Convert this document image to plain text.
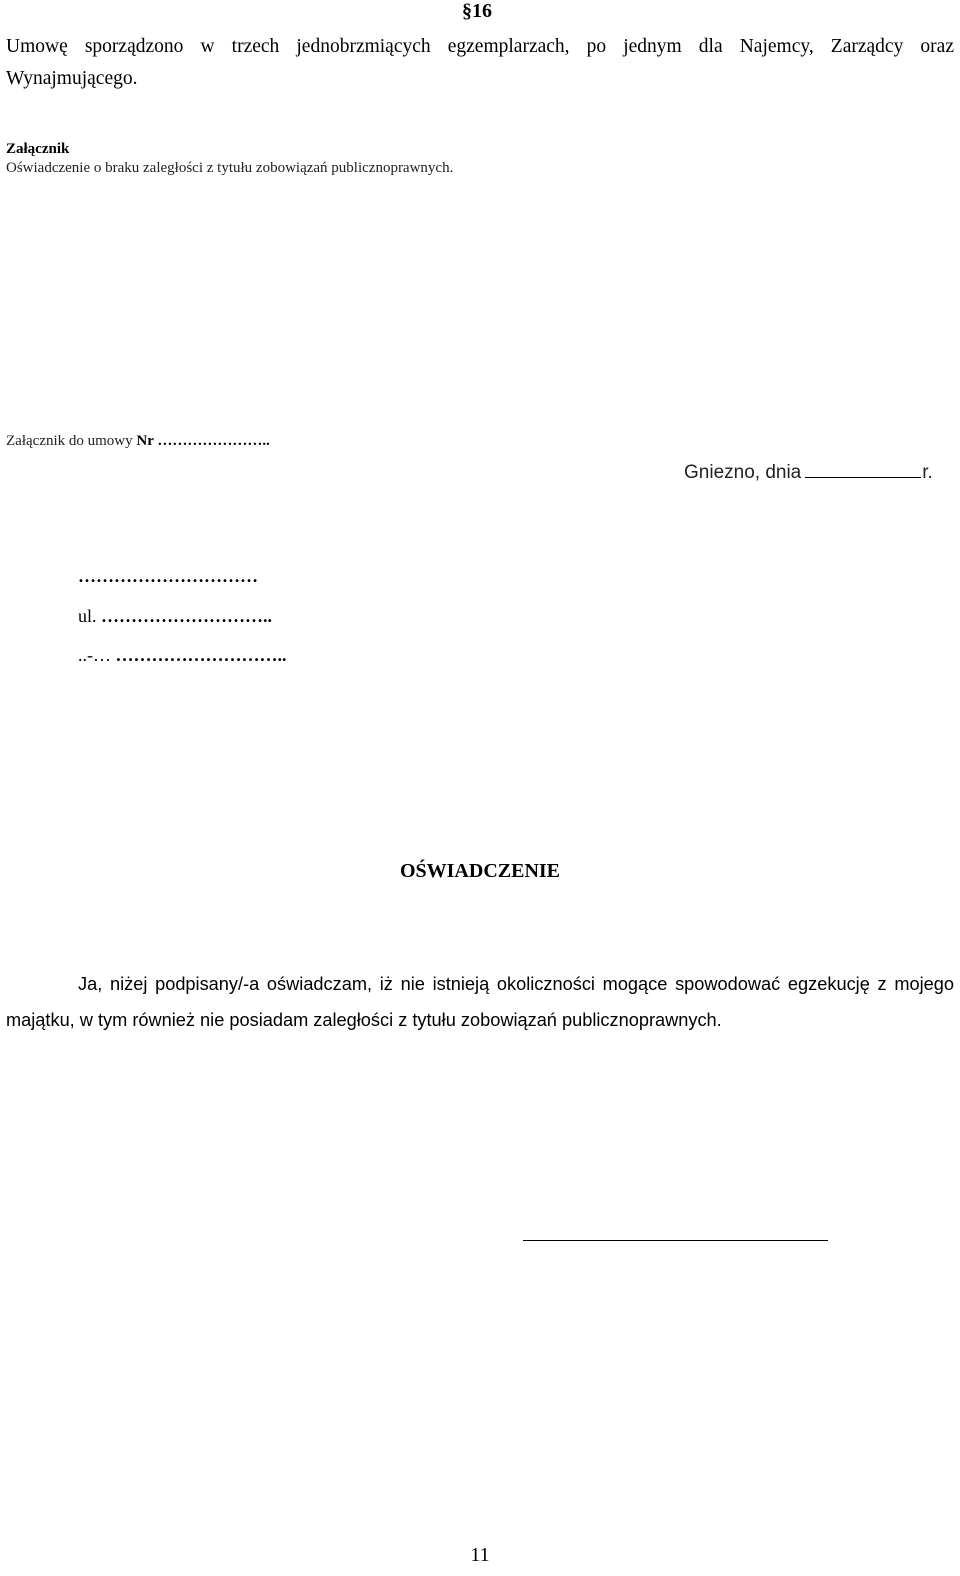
§16
Umowę sporządzono w trzech jednobrzmiących egzemplarzach, po jednym dla Najemcy, Zarządcy oraz Wynajmującego.
Załącznik
Oświadczenie o braku zaległości z tytułu zobowiązań publicznoprawnych.
Załącznik do umowy Nr …………………..
Gniezno, dnia	r.
…………………………
ul. ………………………..
..-… ………………………..
OŚWIADCZENIE
Ja, niżej podpisany/-a oświadczam, iż nie istnieją okoliczności mogące spowodować egzekucję z mojego majątku, w tym również nie posiadam zaległości z tytułu zobowiązań publicznoprawnych.
11
